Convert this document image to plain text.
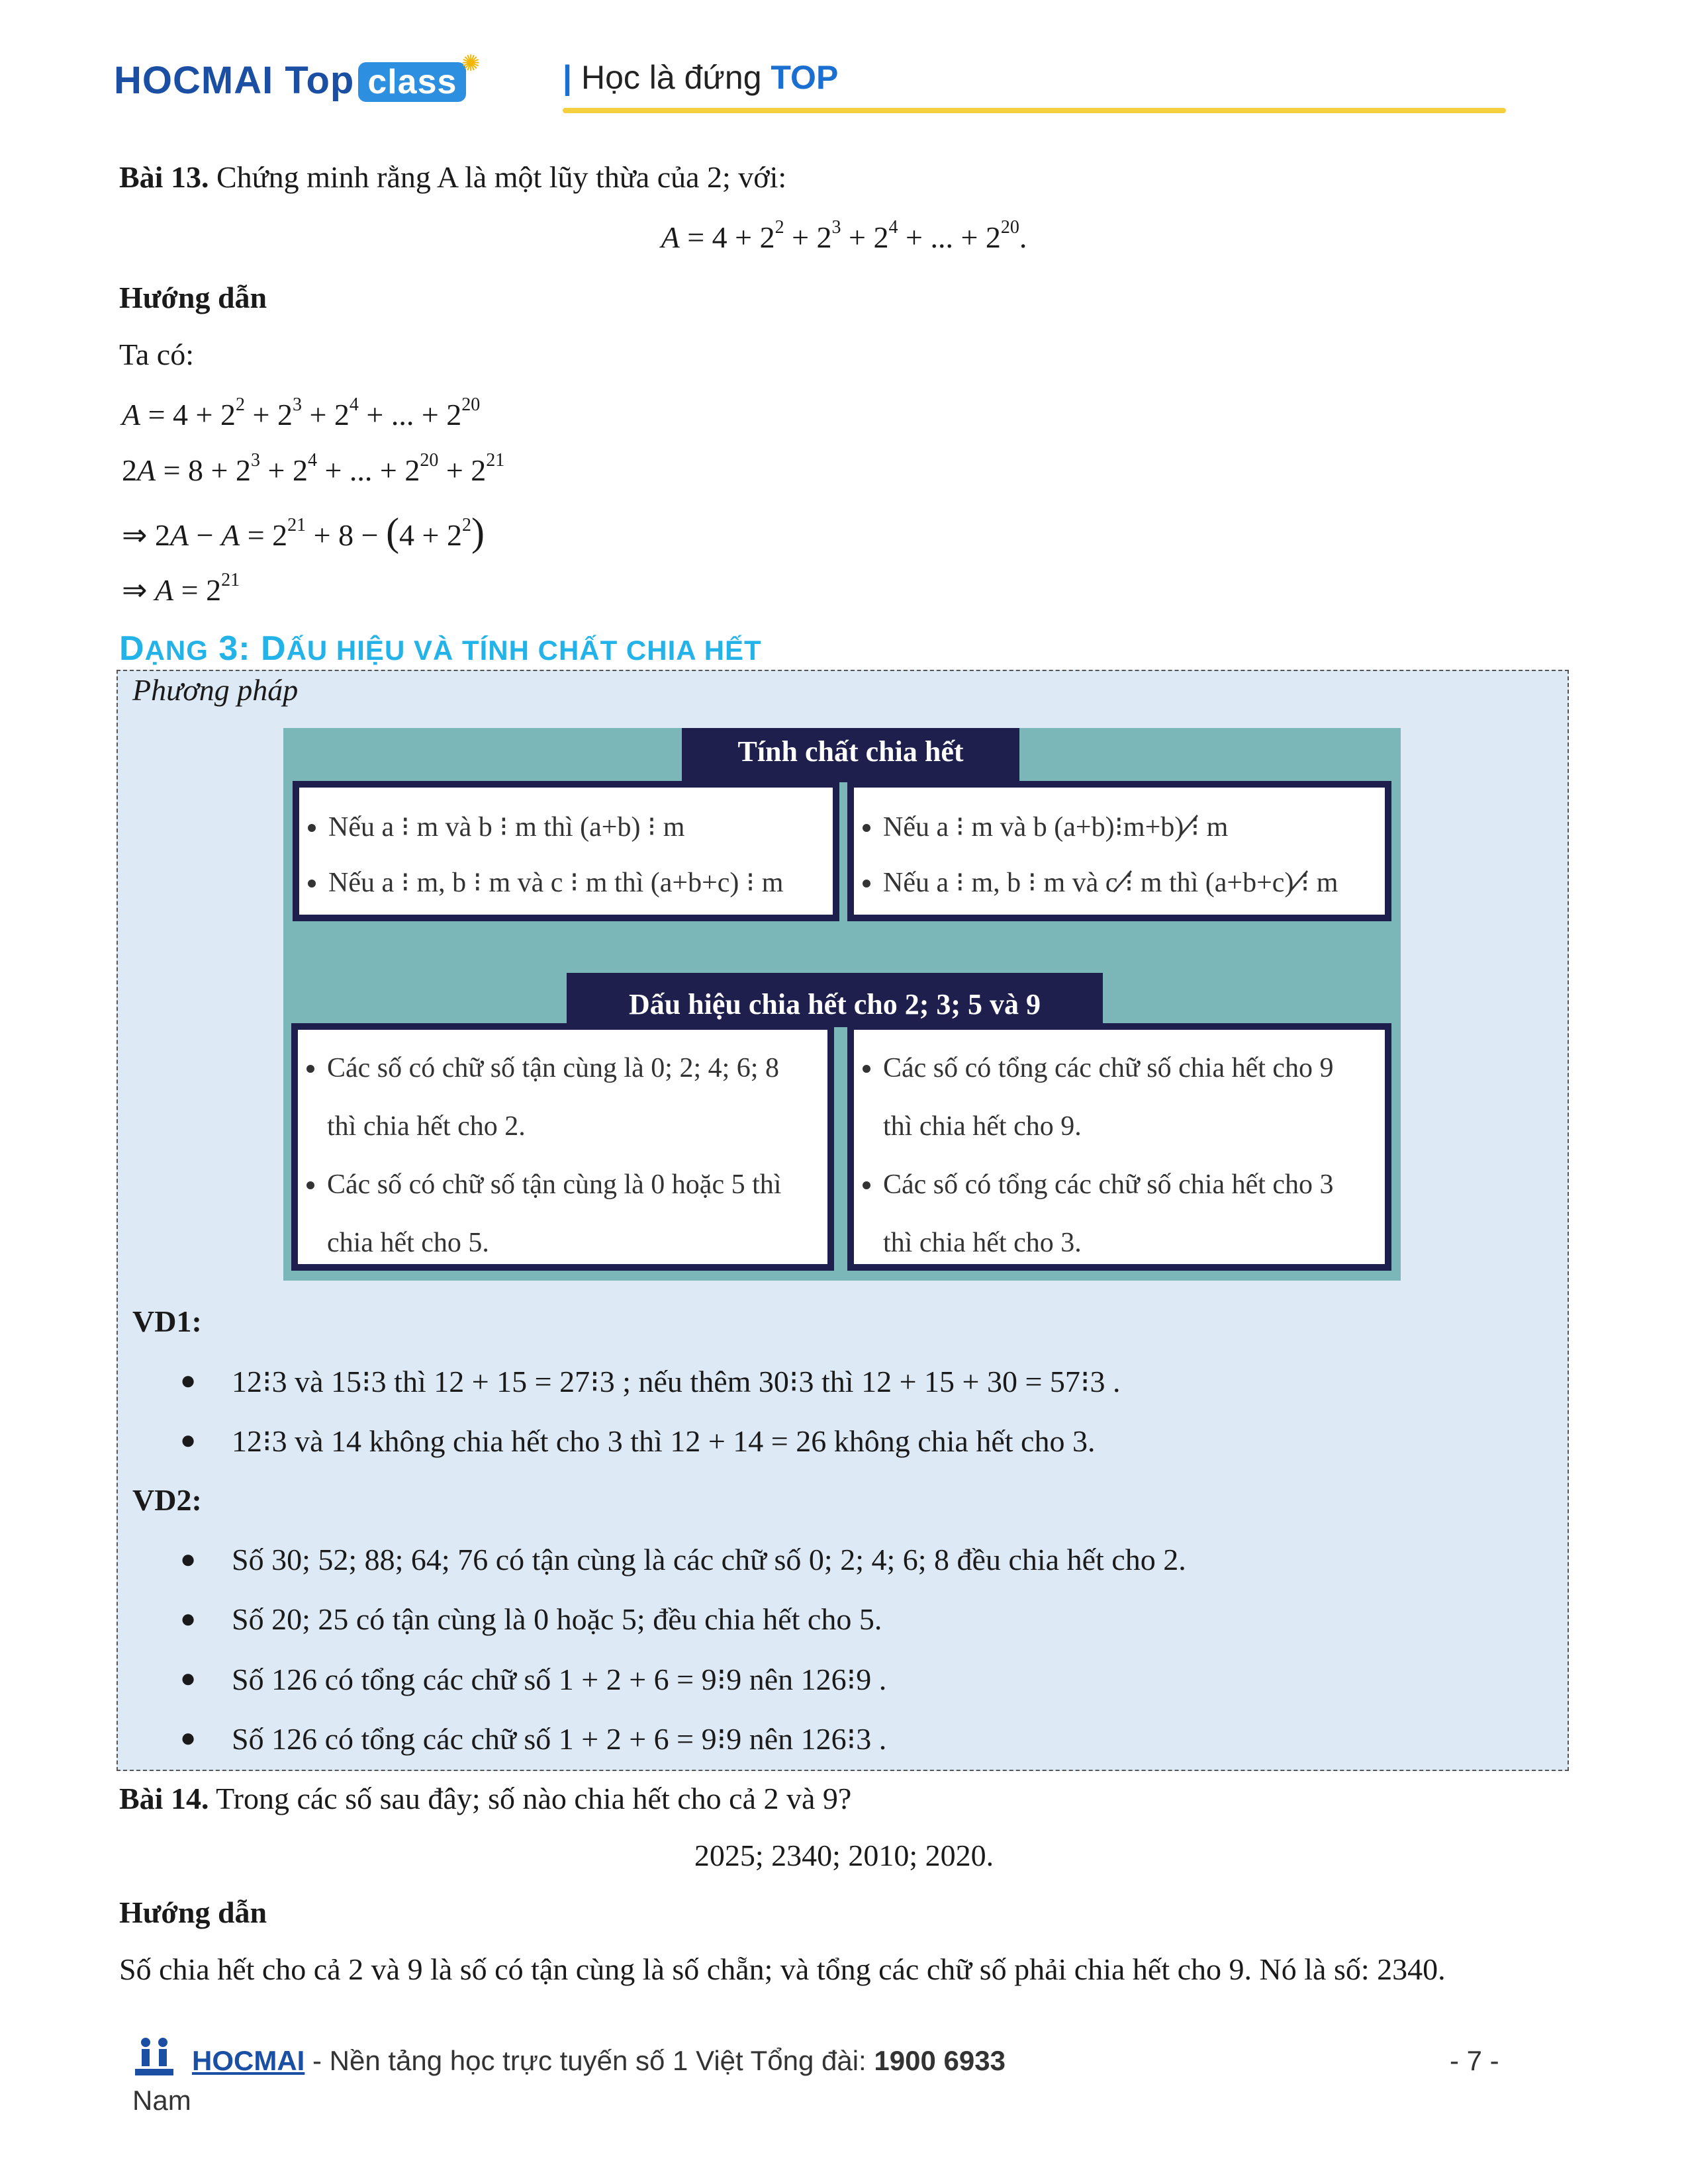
HOCMAI Top class ✺ | Học là đứng TOP
Bài 13. Chứng minh rằng A là một lũy thừa của 2; với:
$A = 4 + 2^2 + 2^3 + 2^4$ + ... + $2^{20}$.
Hướng dẫn
Ta có:
$A = 4 + 2^2 + 2^3 + 2^4$ + ... + $2^{20}$
$2A = 8 + 2^3 + 2^4$ + ... + $2^{20} + 2^{21}$
⇒ $2A - A = 2^{21} + 8 - (4 + 2^2)$
⇒ $A = 2^{21}$
DẠNG 3: DẤU HIỆU VÀ TÍNH CHẤT CHIA HẾT
Phương pháp
Tính chất chia hết
• Nếu a ⁝ m và b ⁝ m thì (a+b) ⁝ m
• Nếu a ⁝ m, b ⁝ m và c ⁝ m thì (a+b+c) ⁝ m
• Nếu a ⁝ m và b (a+b)⁝m+b) ⁝̸ m
• Nếu a ⁝ m, b ⁝ m và c ⁝̸ m thì (a+b+c) ⁝̸ m
Dấu hiệu chia hết cho 2; 3; 5 và 9
• Các số có chữ số tận cùng là 0; 2; 4; 6; 8 thì chia hết cho 2.
• Các số có chữ số tận cùng là 0 hoặc 5 thì chia hết cho 5.
• Các số có tổng các chữ số chia hết cho 9 thì chia hết cho 9.
• Các số có tổng các chữ số chia hết cho 3 thì chia hết cho 3.
VD1:
● 12⁝3 và 15⁝3 thì 12 + 15 = 27⁝3 ; nếu thêm 30⁝3 thì 12 + 15 + 30 = 57⁝3 .
● 12⁝3 và 14 không chia hết cho 3 thì 12 + 14 = 26 không chia hết cho 3.
VD2:
● Số 30; 52; 88; 64; 76 có tận cùng là các chữ số 0; 2; 4; 6; 8 đều chia hết cho 2.
● Số 20; 25 có tận cùng là 0 hoặc 5; đều chia hết cho 5.
● Số 126 có tổng các chữ số 1 + 2 + 6 = 9⁝9 nên 126⁝9 .
● Số 126 có tổng các chữ số 1 + 2 + 6 = 9⁝9 nên 126⁝3 .
Bài 14. Trong các số sau đây; số nào chia hết cho cả 2 và 9?
2025; 2340; 2010; 2020.
Hướng dẫn
Số chia hết cho cả 2 và 9 là số có tận cùng là số chẵn; và tổng các chữ số phải chia hết cho 9. Nó là số: 2340.
HOCMAI - Nền tảng học trực tuyến số 1 Việt Tổng đài: 1900 6933	- 7 -
Nam
